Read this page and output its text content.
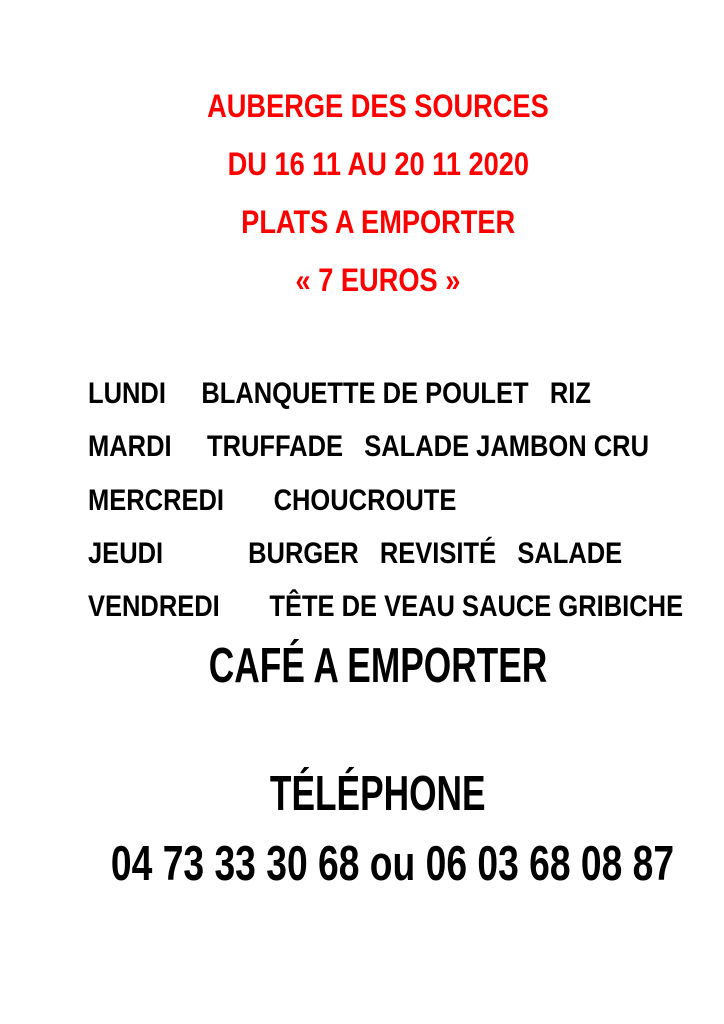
AUBERGE DES SOURCES
DU 16 11 AU 20 11 2020
PLATS A EMPORTER
« 7 EUROS »
LUNDI     BLANQUETTE DE POULET   RIZ
MARDI     TRUFFADE   SALADE JAMBON CRU
MERCREDI       CHOUCROUTE
JEUDI            BURGER   REVISITÉ   SALADE
VENDREDI       TÊTE DE VEAU SAUCE GRIBICHE
CAFÉ A EMPORTER
TÉLÉPHONE
04 73 33 30 68 ou 06 03 68 08 87
